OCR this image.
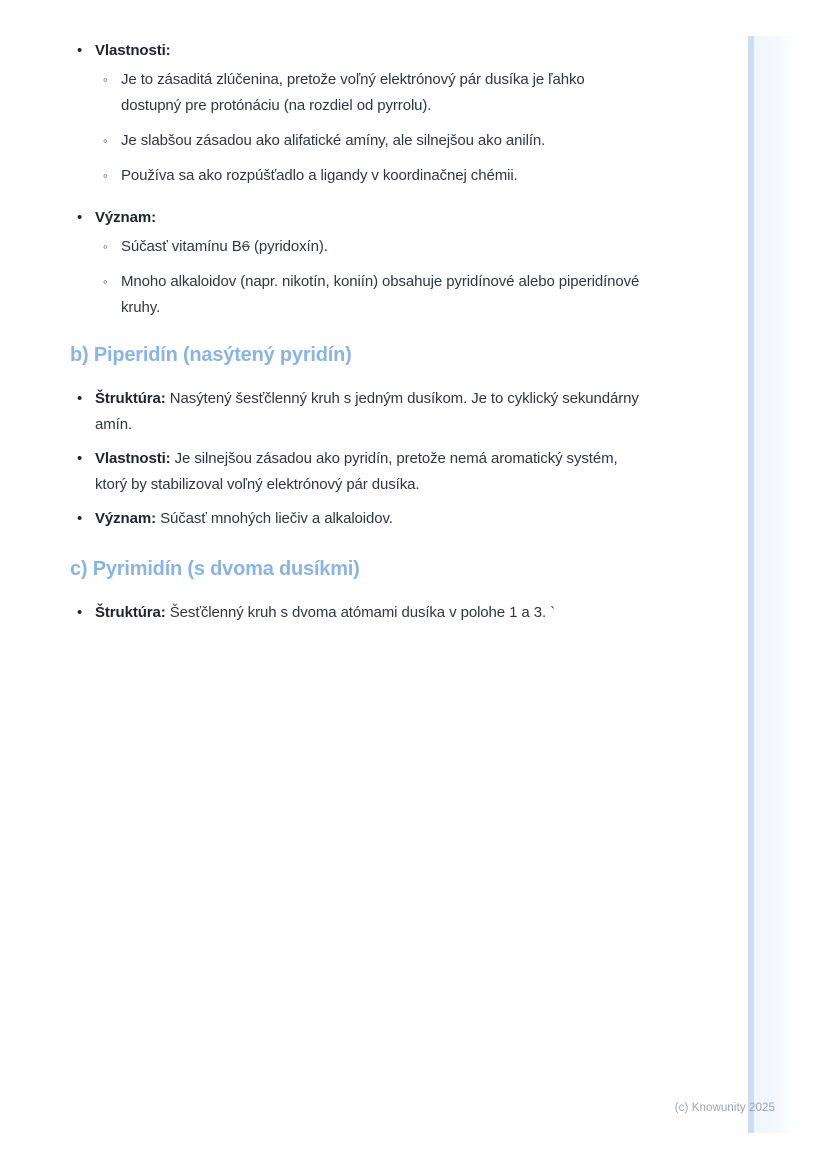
• Vlastnosti:
◦ Je to zásaditá zlúčenina, pretože voľný elektrónový pár dusíka je ľahko dostupný pre protónáciu (na rozdiel od pyrrolu).
◦ Je slabšou zásadou ako alifatické amíny, ale silnejšou ako anilín.
◦ Používa sa ako rozpúšťadlo a ligandy v koordinačnej chémii.
• Význam:
◦ Súčasť vitamínu B6 (pyridoxín).
◦ Mnoho alkaloidov (napr. nikotín, koniín) obsahuje pyridínové alebo piperidínové kruhy.
b) Piperidín (nasýtený pyridín)
• Štruktúra: Nasýtený šesťčlenný kruh s jedným dusíkom. Je to cyklický sekundárny amín.
• Vlastnosti: Je silnejšou zásadou ako pyridín, pretože nemá aromatický systém, ktorý by stabilizoval voľný elektrónový pár dusíka.
• Význam: Súčasť mnohých liečiv a alkaloidov.
c) Pyrimidín (s dvoma dusíkmi)
• Štruktúra: Šesťčlenný kruh s dvoma atómami dusíka v polohe 1 a 3. `
(c) Knowunity 2025
